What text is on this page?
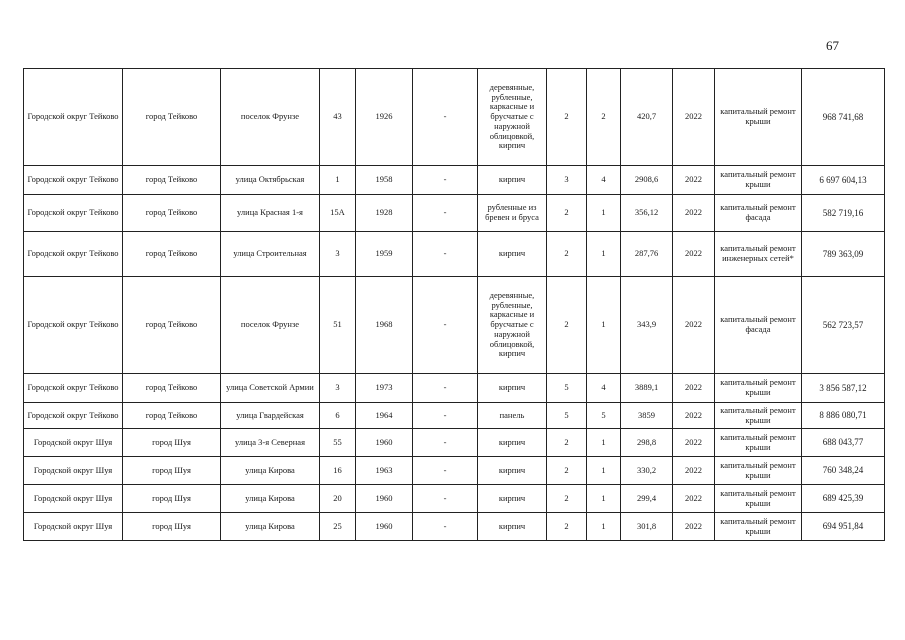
67
Городской округ Тейково	город Тейково	поселок Фрунзе	43	1926	-	деревянные, рубленные, каркасные и брусчатые с наружной облицовкой, кирпич	2	2	420,7	2022	капитальный ремонт крыши	968 741,68
Городской округ Тейково	город Тейково	улица Октябрьская	1	1958	-	кирпич	3	4	2908,6	2022	капитальный ремонт крыши	6 697 604,13
Городской округ Тейково	город Тейково	улица Красная 1-я	15А	1928	-	рубленные из бревен и бруса	2	1	356,12	2022	капитальный ремонт фасада	582 719,16
Городской округ Тейково	город Тейково	улица Строительная	3	1959	-	кирпич	2	1	287,76	2022	капитальный ремонт инженерных сетей*	789 363,09
Городской округ Тейково	город Тейково	поселок Фрунзе	51	1968	-	деревянные, рубленные, каркасные и брусчатые с наружной облицовкой, кирпич	2	1	343,9	2022	капитальный ремонт фасада	562 723,57
Городской округ Тейково	город Тейково	улица Советской Армии	3	1973	-	кирпич	5	4	3889,1	2022	капитальный ремонт крыши	3 856 587,12
Городской округ Тейково	город Тейково	улица Гвардейская	6	1964	-	панель	5	5	3859	2022	капитальный ремонт крыши	8 886 080,71
Городской округ Шуя	город Шуя	улица 3-я Северная	55	1960	-	кирпич	2	1	298,8	2022	капитальный ремонт крыши	688 043,77
Городской округ Шуя	город Шуя	улица Кирова	16	1963	-	кирпич	2	1	330,2	2022	капитальный ремонт крыши	760 348,24
Городской округ Шуя	город Шуя	улица Кирова	20	1960	-	кирпич	2	1	299,4	2022	капитальный ремонт крыши	689 425,39
Городской округ Шуя	город Шуя	улица Кирова	25	1960	-	кирпич	2	1	301,8	2022	капитальный ремонт крыши	694 951,84
